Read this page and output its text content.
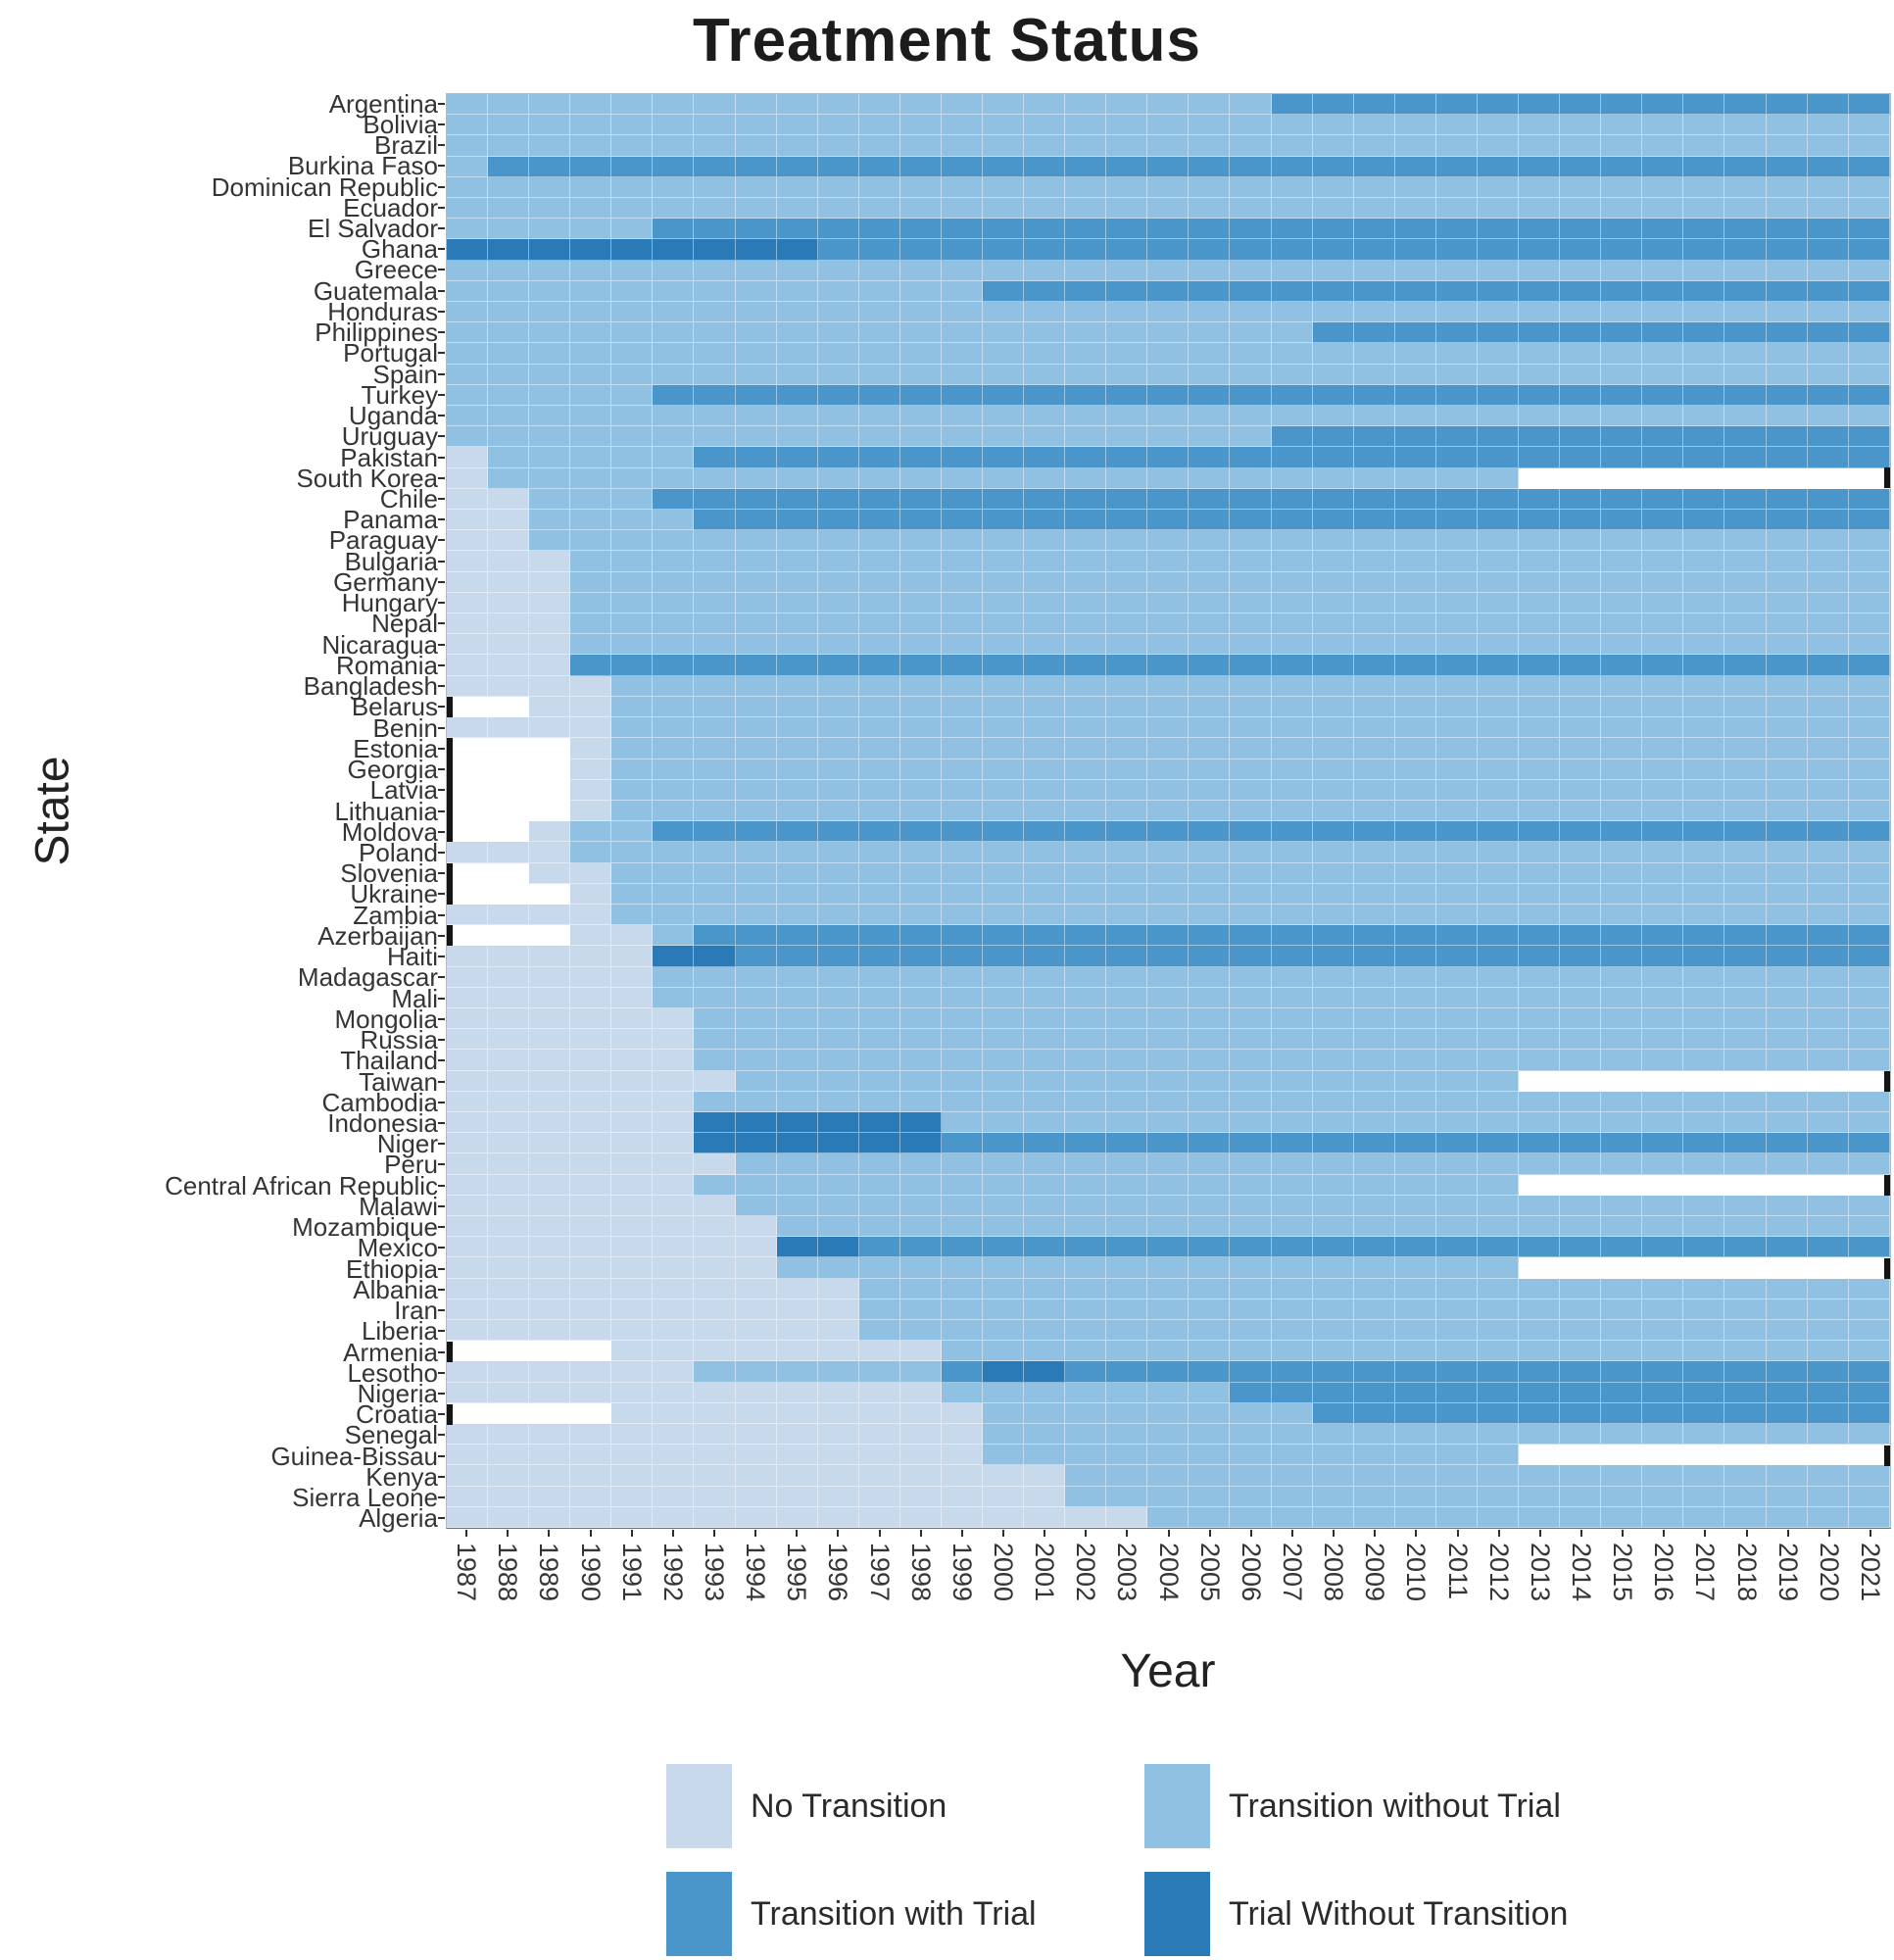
Treatment Status
State
Argentina
Bolivia
Brazil
Burkina Faso
Dominican Republic
Ecuador
El Salvador
Ghana
Greece
Guatemala
Honduras
Philippines
Portugal
Spain
Turkey
Uganda
Uruguay
Pakistan
South Korea
Chile
Panama
Paraguay
Bulgaria
Germany
Hungary
Nepal
Nicaragua
Romania
Bangladesh
Belarus
Benin
Estonia
Georgia
Latvia
Lithuania
Moldova
Poland
Slovenia
Ukraine
Zambia
Azerbaijan
Haiti
Madagascar
Mali
Mongolia
Russia
Thailand
Taiwan
Cambodia
Indonesia
Niger
Peru
Central African Republic
Malawi
Mozambique
Mexico
Ethiopia
Albania
Iran
Liberia
Armenia
Lesotho
Nigeria
Croatia
Senegal
Guinea-Bissau
Kenya
Sierra Leone
Algeria
1987 1988 1989 1990 1991 1992 1993 1994 1995 1996 1997 1998 1999 2000 2001 2002 2003 2004 2005 2006 2007 2008 2009 2010 2011 2012 2013 2014 2015 2016 2017 2018 2019 2020 2021
Year
No Transition	Transition without Trial
Transition with Trial	Trial Without Transition
